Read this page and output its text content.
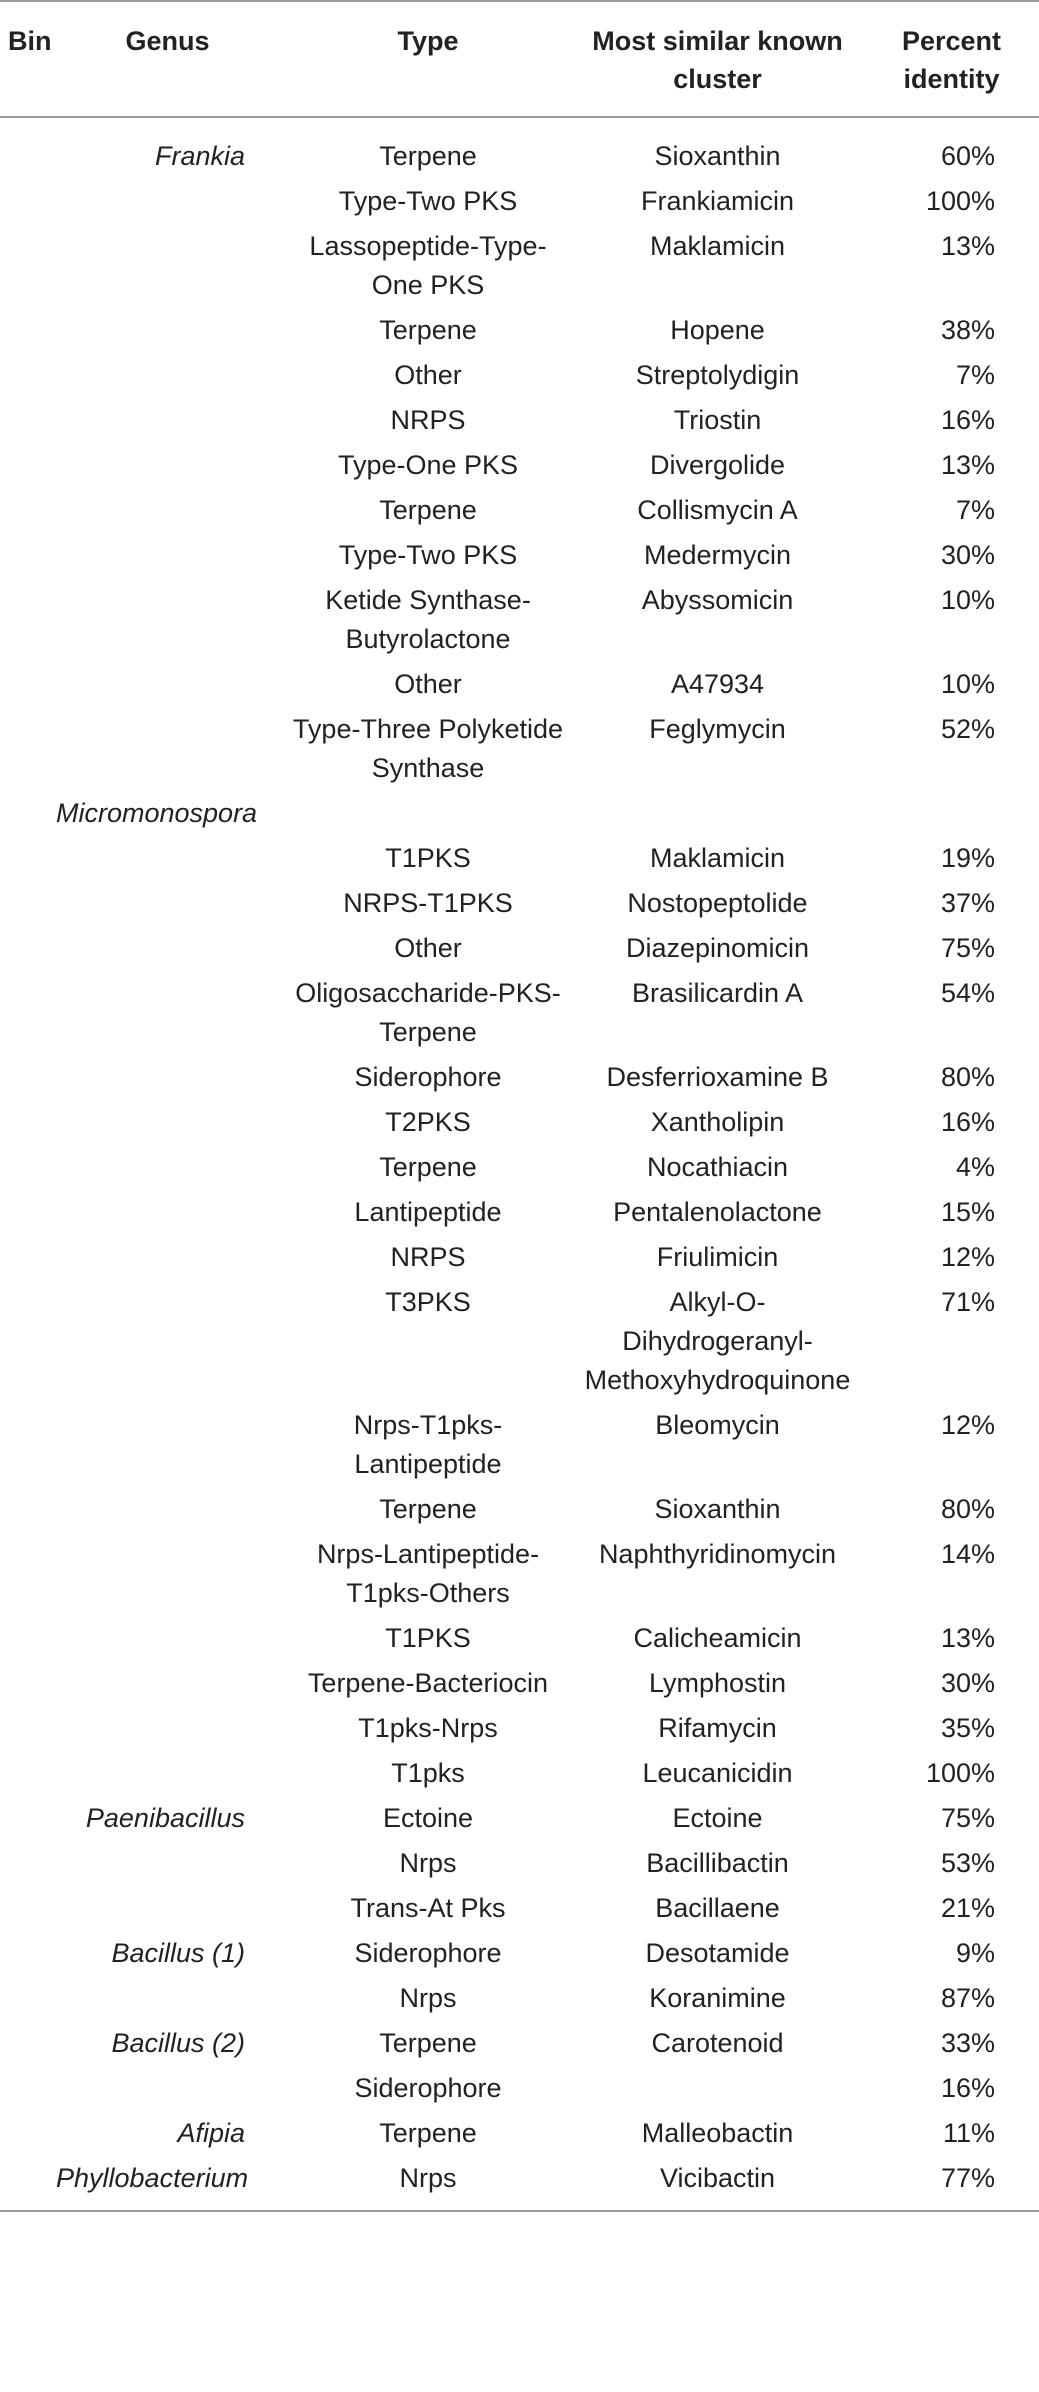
Bin	Genus	Type	Most similar known cluster	Percent identity
	Frankia	Terpene	Sioxanthin	60%
		Type-Two PKS	Frankiamicin	100%
		Lassopeptide-Type-One PKS	Maklamicin	13%
		Terpene	Hopene	38%
		Other	Streptolydigin	7%
		NRPS	Triostin	16%
		Type-One PKS	Divergolide	13%
		Terpene	Collismycin A	7%
		Type-Two PKS	Medermycin	30%
		Ketide Synthase-Butyrolactone	Abyssomicin	10%
		Other	A47934	10%
		Type-Three Polyketide Synthase	Feglymycin	52%
	Micromonospora			
		T1PKS	Maklamicin	19%
		NRPS-T1PKS	Nostopeptolide	37%
		Other	Diazepinomicin	75%
		Oligosaccharide-PKS-Terpene	Brasilicardin A	54%
		Siderophore	Desferrioxamine B	80%
		T2PKS	Xantholipin	16%
		Terpene	Nocathiacin	4%
		Lantipeptide	Pentalenolactone	15%
		NRPS	Friulimicin	12%
		T3PKS	Alkyl-O-Dihydrogeranyl-Methoxyhydroquinone	71%
		Nrps-T1pks-Lantipeptide	Bleomycin	12%
		Terpene	Sioxanthin	80%
		Nrps-Lantipeptide-T1pks-Others	Naphthyridinomycin	14%
		T1PKS	Calicheamicin	13%
		Terpene-Bacteriocin	Lymphostin	30%
		T1pks-Nrps	Rifamycin	35%
		T1pks	Leucanicidin	100%
	Paenibacillus	Ectoine	Ectoine	75%
		Nrps	Bacillibactin	53%
		Trans-At Pks	Bacillaene	21%
	Bacillus (1)	Siderophore	Desotamide	9%
		Nrps	Koranimine	87%
	Bacillus (2)	Terpene	Carotenoid	33%
		Siderophore		16%
	Afipia	Terpene	Malleobactin	11%
	Phyllobacterium	Nrps	Vicibactin	77%
